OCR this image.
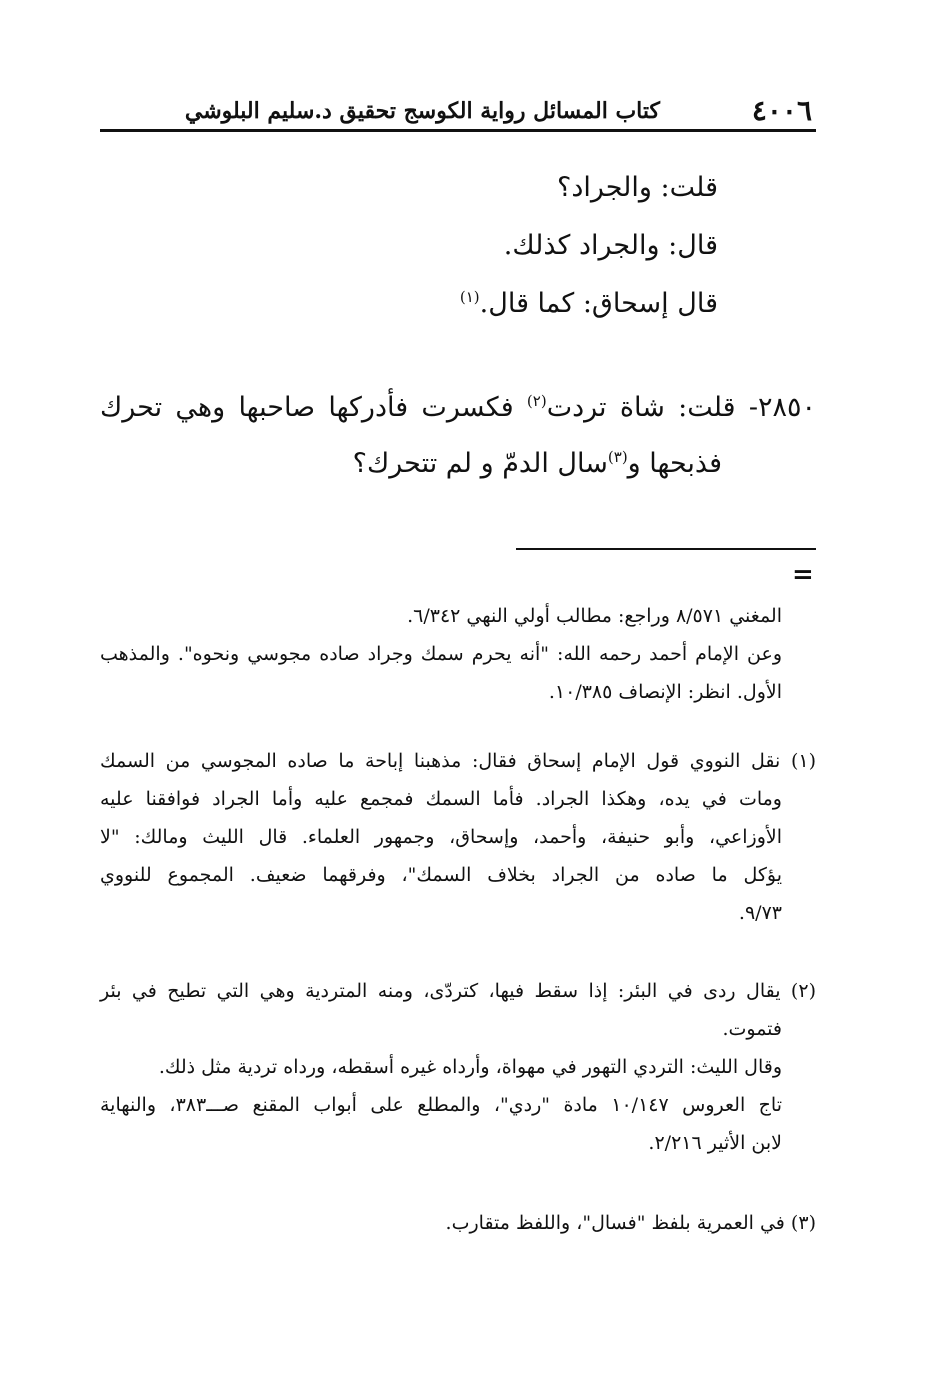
٤٠٠٦
كتاب المسائل رواية الكوسج تحقيق د.سليم البلوشي
قلت: والجراد؟
قال: والجراد كذلك.
قال إسحاق: كما قال.$^{(١)}$
٢٨٥٠- قلت: شاة تردت$^{(٢)}$ فكسرت فأدركها صاحبها وهي تحرك
فذبحها و$^{(٣)}$سال الدمّ و لم تتحرك؟
=
المغني ٨/٥٧١ وراجع: مطالب أولي النهي ٦/٣٤٢.
وعن الإمام أحمد رحمه الله: "أنه يحرم سمك وجراد صاده مجوسي ونحوه". والمذهب
الأول. انظر: الإنصاف ١٠/٣٨٥.
(١) نقل النووي قول الإمام إسحاق فقال: مذهبنا إباحة ما صاده المجوسي من السمك
ومات في يده، وهكذا الجراد. فأما السمك فمجمع عليه وأما الجراد فوافقنا عليه
الأوزاعي، وأبو حنيفة، وأحمد، وإسحاق، وجمهور العلماء. قال الليث ومالك: "لا
يؤكل ما صاده من الجراد بخلاف السمك"، وفرقهما ضعيف. المجموع للنووي
٩/٧٣.
(٢) يقال ردى في البئر: إذا سقط فيها، كتردّى، ومنه المتردية وهي التي تطيح في بئر
فتموت.
وقال الليث: التردي التهور في مهواة، وأرداه غيره أسقطه، ورداه تردية مثل ذلك.
تاج العروس ١٠/١٤٧ مادة "ردي"، والمطلع على أبواب المقنع صـــ٣٨٣، والنهاية
لابن الأثير ٢/٢١٦.
(٣) في العمرية بلفظ "فسال"، واللفظ متقارب.
